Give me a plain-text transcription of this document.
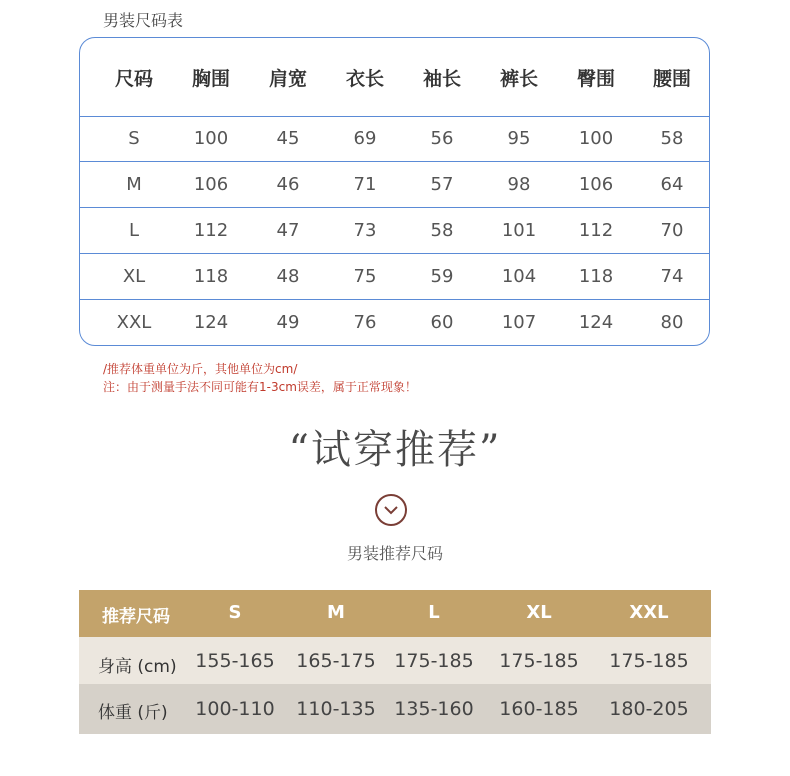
男装尺码表
尺码 胸围 肩宽 衣长 袖长 裤长 臀围 腰围
S	100	45	69	56	95	100	58
M	106	46	71	57	98	106	64
L	112	47	73	58	101 112	70
XL	118	48	75	59	104 118	74
XXL 124	49	76	60	107 124	80
/推荐体重单位为斤，其他单位为cm/
注：由于测量手法不同可能有1-3cm误差，属于正常现象！
“试穿推荐”
男装推荐尺码
推荐尺码	S	M	L	XL	XXL
身高 (cm) 155-165 165-175 175-185 175-185 175-185
体重 (斤) 100-110 110-135 135-160 160-185 180-205
